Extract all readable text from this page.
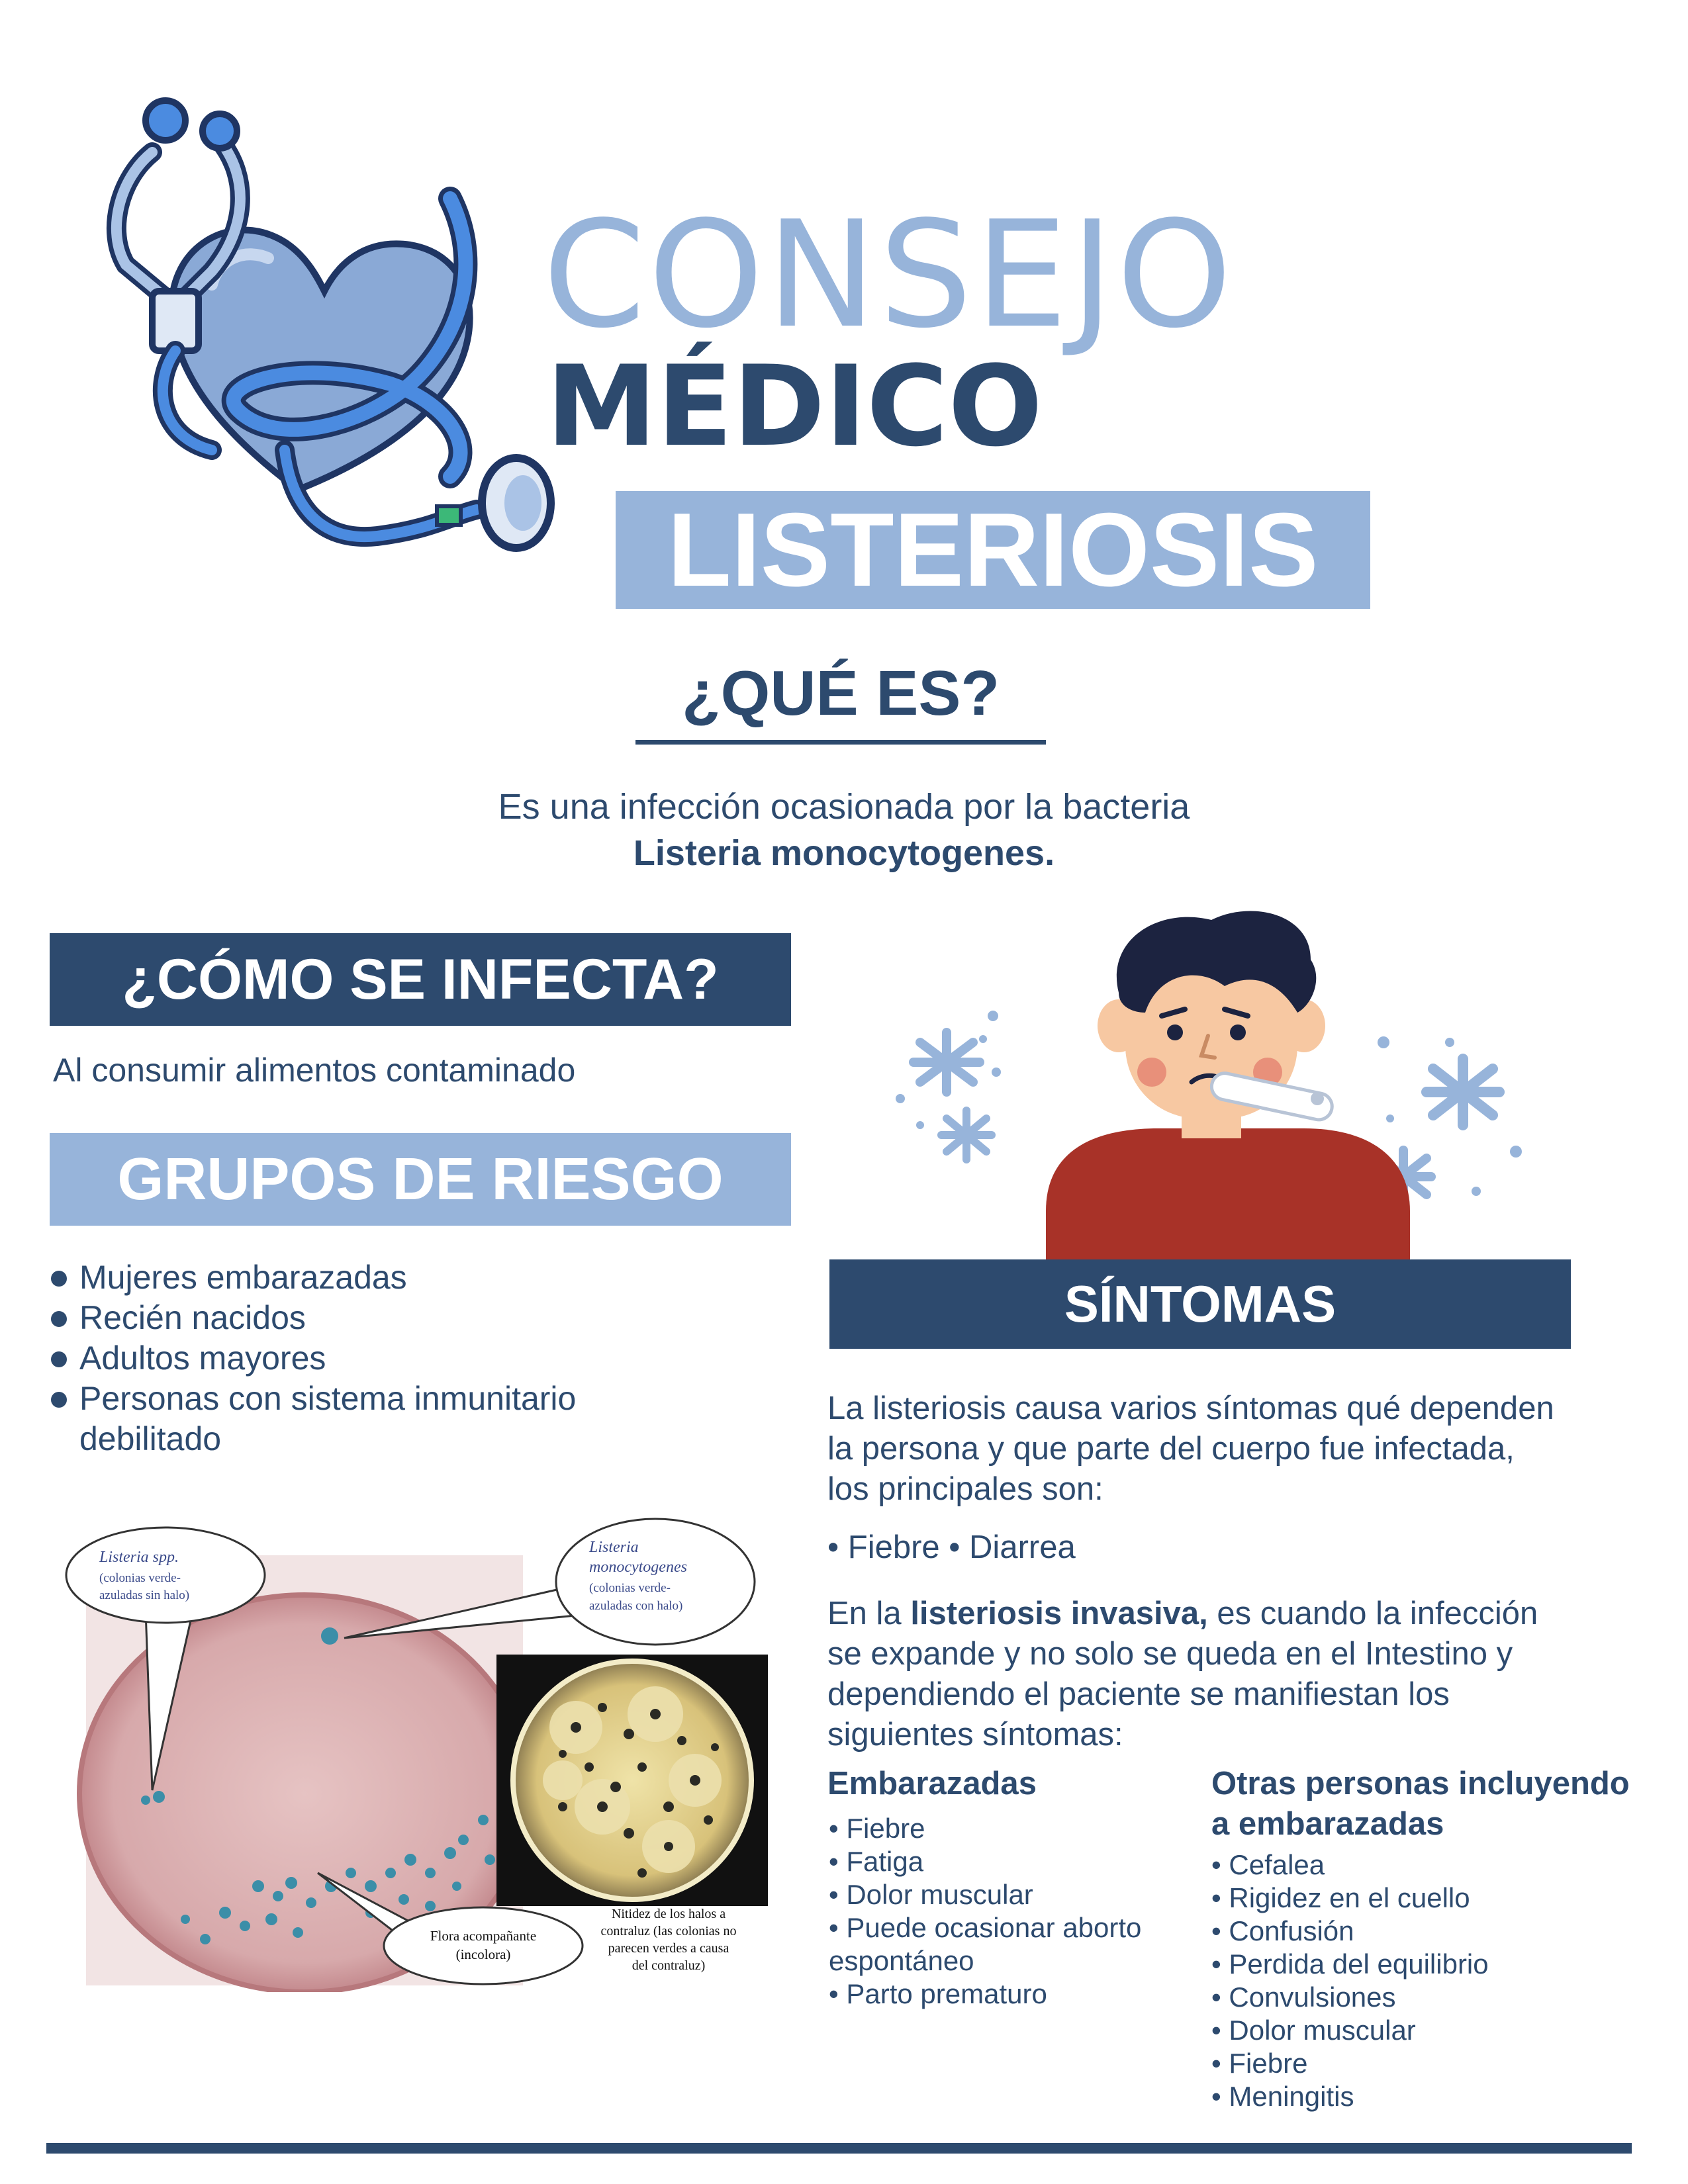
CONSEJO
MÉDICO
LISTERIOSIS
¿QUÉ ES?
Es una infección ocasionada por la bacteria
Listeria monocytogenes.
¿CÓMO SE INFECTA?
Al consumir alimentos contaminado
GRUPOS DE RIESGO
Mujeres embarazadas
Recién nacidos
Adultos mayores
Personas con sistema inmunitario
debilitado
Listeria spp.
(colonias verde-
azuladas sin halo)
Listeria
monocytogenes
(colonias verde-
azuladas con halo)
Flora acompañante
(incolora)
Nitidez de los halos a
contraluz (las colonias no
parecen verdes a causa
del contraluz)
SÍNTOMAS
La listeriosis causa varios síntomas qué dependen
la persona y que parte del cuerpo fue infectada,
los principales son:
• Fiebre • Diarrea
En la listeriosis invasiva, es cuando la infección
se expande y no solo se queda en el Intestino y
dependiendo el paciente se manifiestan los
siguientes síntomas:
Embarazadas	Otras personas incluyendo
a embarazadas
• Fiebre
• Fatiga
• Dolor muscular
• Puede ocasionar aborto
espontáneo
• Parto prematuro
• Cefalea
• Rigidez en el cuello
• Confusión
• Perdida del equilibrio
• Convulsiones
• Dolor muscular
• Fiebre
• Meningitis
